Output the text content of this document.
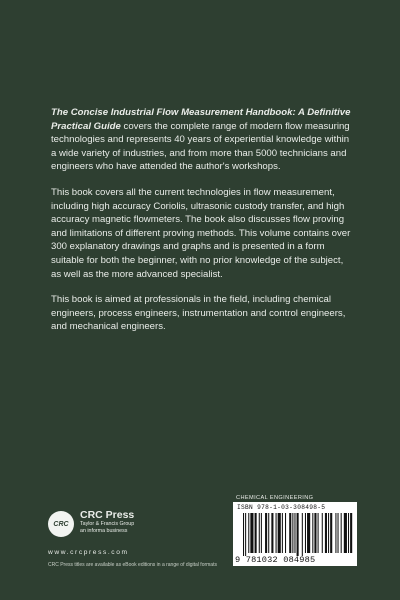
The Concise Industrial Flow Measurement Handbook: A Definitive Practical Guide covers the complete range of modern flow measuring technologies and represents 40 years of experiential knowledge within a wide variety of industries, and from more than 5000 technicians and engineers who have attended the author's workshops.

This book covers all the current technologies in flow measurement, including high accuracy Coriolis, ultrasonic custody transfer, and high accuracy magnetic flowmeters. The book also discusses flow proving and limitations of different proving methods. This volume contains over 300 explanatory drawings and graphs and is presented in a form suitable for both the beginner, with no prior knowledge of the subject, as well as the more advanced specialist.

This book is aimed at professionals in the field, including chemical engineers, process engineers, instrumentation and control engineers, and mechanical engineers.

CRC
CRC Press
Taylor & Francis Group
an informa business
www.crcpress.com
CRC Press titles are available as eBook editions in a range of digital formats
CHEMICAL ENGINEERING
ISBN 978-1-03-308498-5
9 781032 084985
